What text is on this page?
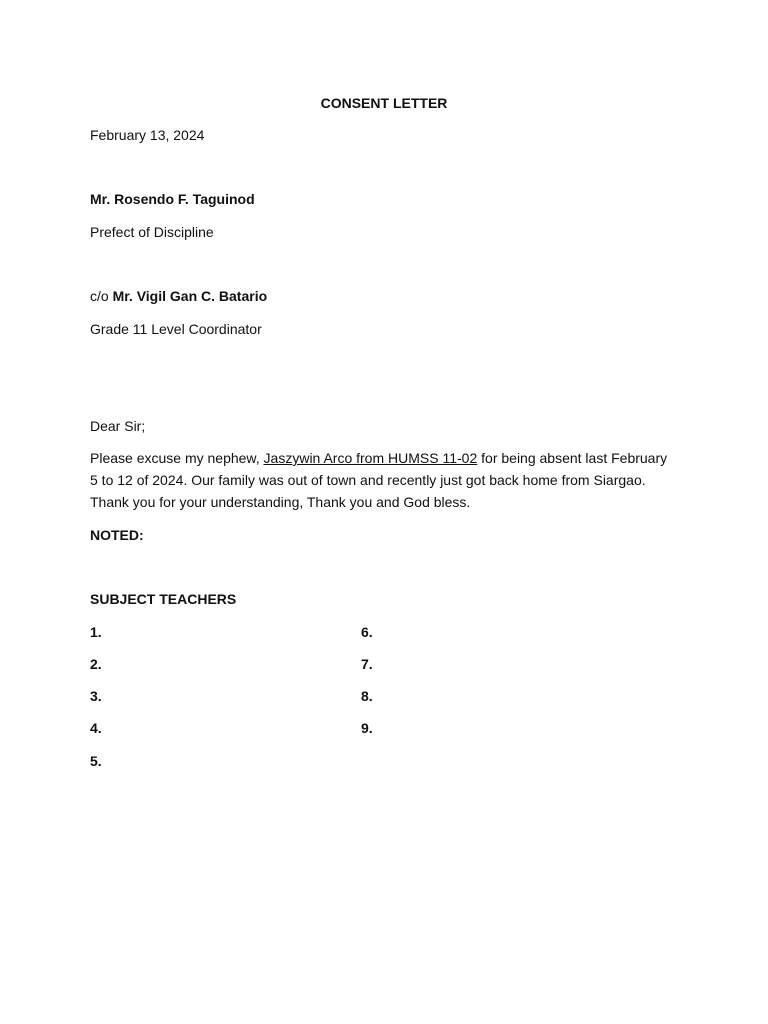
CONSENT LETTER
February 13, 2024
Mr. Rosendo F. Taguinod
Prefect of Discipline
c/o Mr. Vigil Gan C. Batario
Grade 11 Level Coordinator
Dear Sir;
Please excuse my nephew, Jaszywin Arco from HUMSS 11-02 for being absent last February 5 to 12 of 2024. Our family was out of town and recently just got back home from Siargao. Thank you for your understanding, Thank you and God bless.
NOTED:
SUBJECT TEACHERS
1.
2.
3.
4.
5.
6.
7.
8.
9.
